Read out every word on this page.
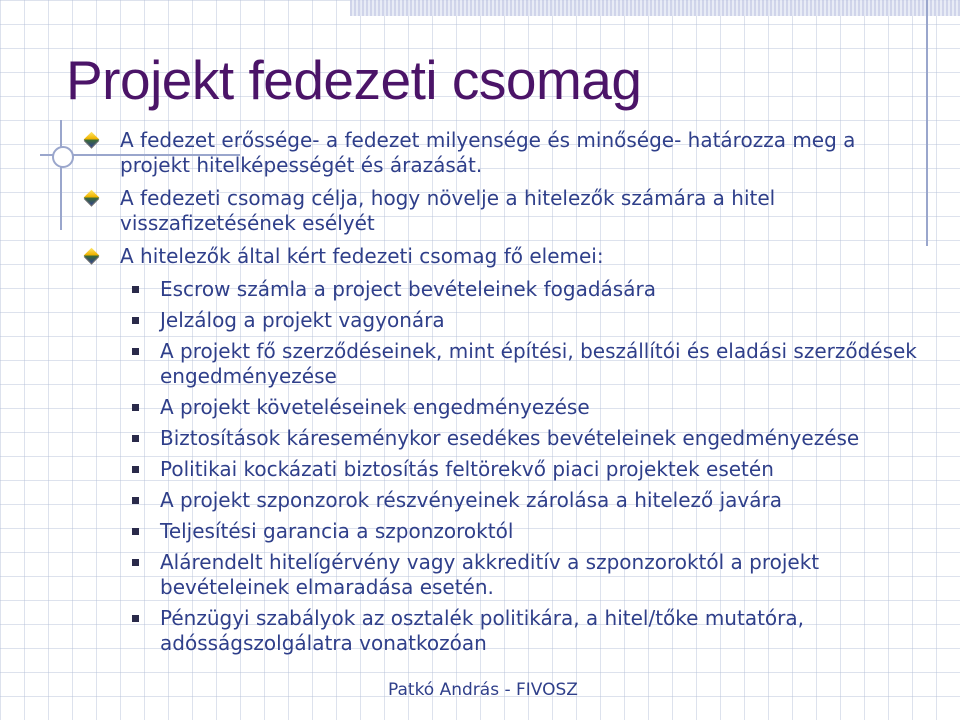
Projekt fedezeti csomag
A fedezet erőssége- a fedezet milyensége és minősége- határozza meg a projekt hitelképességét és árazását.
A fedezeti csomag célja, hogy növelje a hitelezők számára a hitel visszafizetésének esélyét
A hitelezők által kért fedezeti csomag fő elemei:
Escrow számla a project bevételeinek fogadására
Jelzálog a projekt vagyonára
A projekt fő szerződéseinek, mint építési, beszállítói és eladási szerződések engedményezése
A projekt követeléseinek engedményezése
Biztosítások káreseménykor esedékes bevételeinek engedményezése
Politikai kockázati biztosítás feltörekvő piaci projektek esetén
A projekt szponzorok részvényeinek zárolása a hitelező javára
Teljesítési garancia a szponzoroktól
Alárendelt hitelígérvény vagy akkreditív a szponzoroktól a projekt bevételeinek elmaradása esetén.
Pénzügyi szabályok az osztalék politikára, a hitel/tőke mutatóra, adósságszolgálatra vonatkozóan
Patkó András - FIVOSZ
